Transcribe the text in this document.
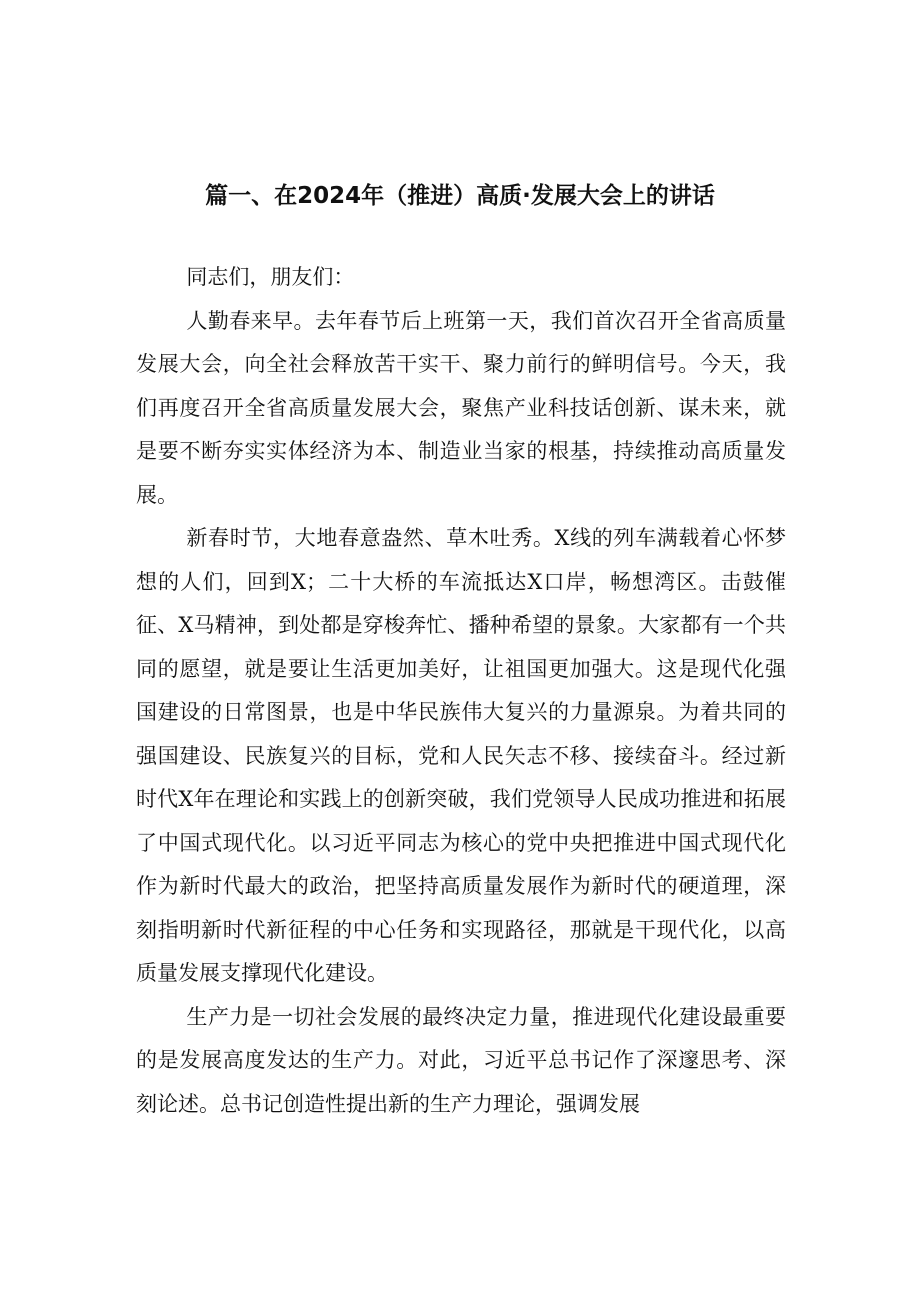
篇一、在2024年（推进）高质·发展大会上的讲话
同志们，朋友们：

人勤春来早。去年春节后上班第一天，我们首次召开全省高质量发展大会，向全社会释放苦干实干、聚力前行的鲜明信号。今天，我们再度召开全省高质量发展大会，聚焦产业科技话创新、谋未来，就是要不断夯实实体经济为本、制造业当家的根基，持续推动高质量发展。

新春时节，大地春意盎然、草木吐秀。X线的列车满载着心怀梦想的人们，回到X；二十大桥的车流抵达X口岸，畅想湾区。击鼓催征、X马精神，到处都是穿梭奔忙、播种希望的景象。大家都有一个共同的愿望，就是要让生活更加美好，让祖国更加强大。这是现代化强国建设的日常图景，也是中华民族伟大复兴的力量源泉。为着共同的强国建设、民族复兴的目标，党和人民矢志不移、接续奋斗。经过新时代X年在理论和实践上的创新突破，我们党领导人民成功推进和拓展了中国式现代化。以习近平同志为核心的党中央把推进中国式现代化作为新时代最大的政治，把坚持高质量发展作为新时代的硬道理，深刻指明新时代新征程的中心任务和实现路径，那就是干现代化，以高质量发展支撑现代化建设。

生产力是一切社会发展的最终决定力量，推进现代化建设最重要的是发展高度发达的生产力。对此，习近平总书记作了深邃思考、深刻论述。总书记创造性提出新的生产力理论，强调发展
